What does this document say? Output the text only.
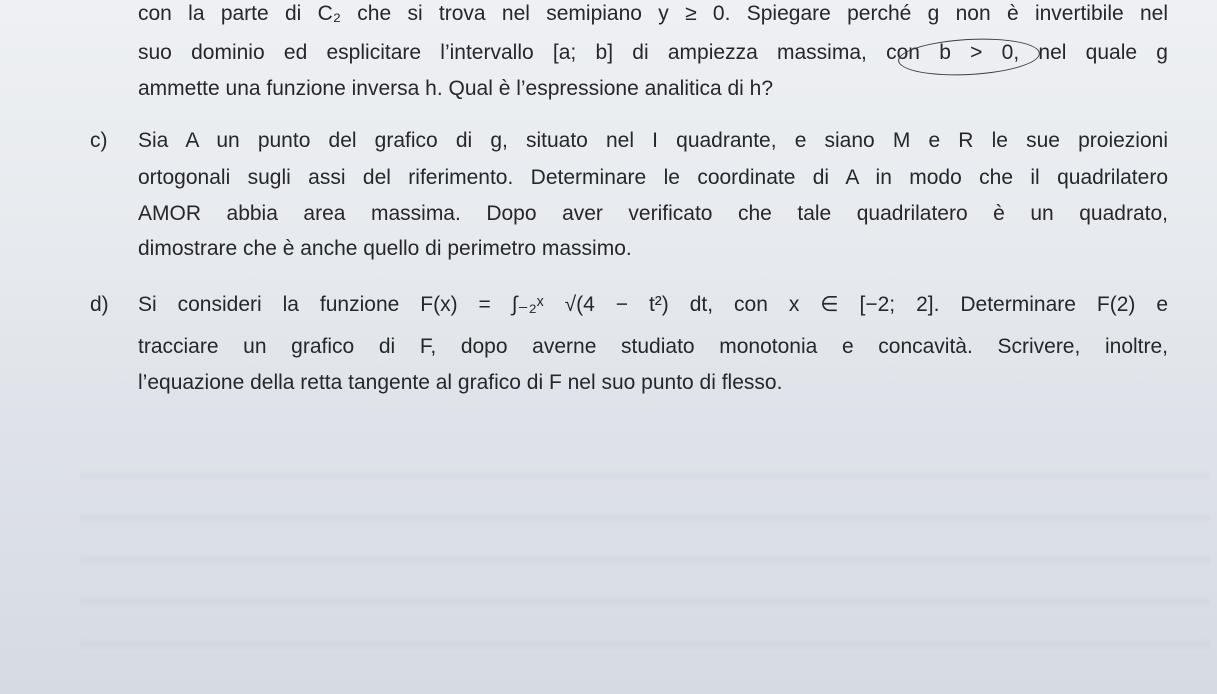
con la parte di C₂ che si trova nel semipiano y ≥ 0. Spiegare perché g non è invertibile nel
suo dominio ed esplicitare l’intervallo [a; b] di ampiezza massima, con b > 0, nel quale g
ammette una funzione inversa h. Qual è l’espressione analitica di h?
c) Sia A un punto del grafico di g, situato nel I quadrante, e siano M e R le sue proiezioni
ortogonali sugli assi del riferimento. Determinare le coordinate di A in modo che il quadrilatero
AMOR abbia area massima. Dopo aver verificato che tale quadrilatero è un quadrato,
dimostrare che è anche quello di perimetro massimo.
d) Si consideri la funzione F(x) = ∫₋₂ˣ √(4 − t²) dt, con x ∈ [−2; 2]. Determinare F(2) e
tracciare un grafico di F, dopo averne studiato monotonia e concavità. Scrivere, inoltre,
l’equazione della retta tangente al grafico di F nel suo punto di flesso.
